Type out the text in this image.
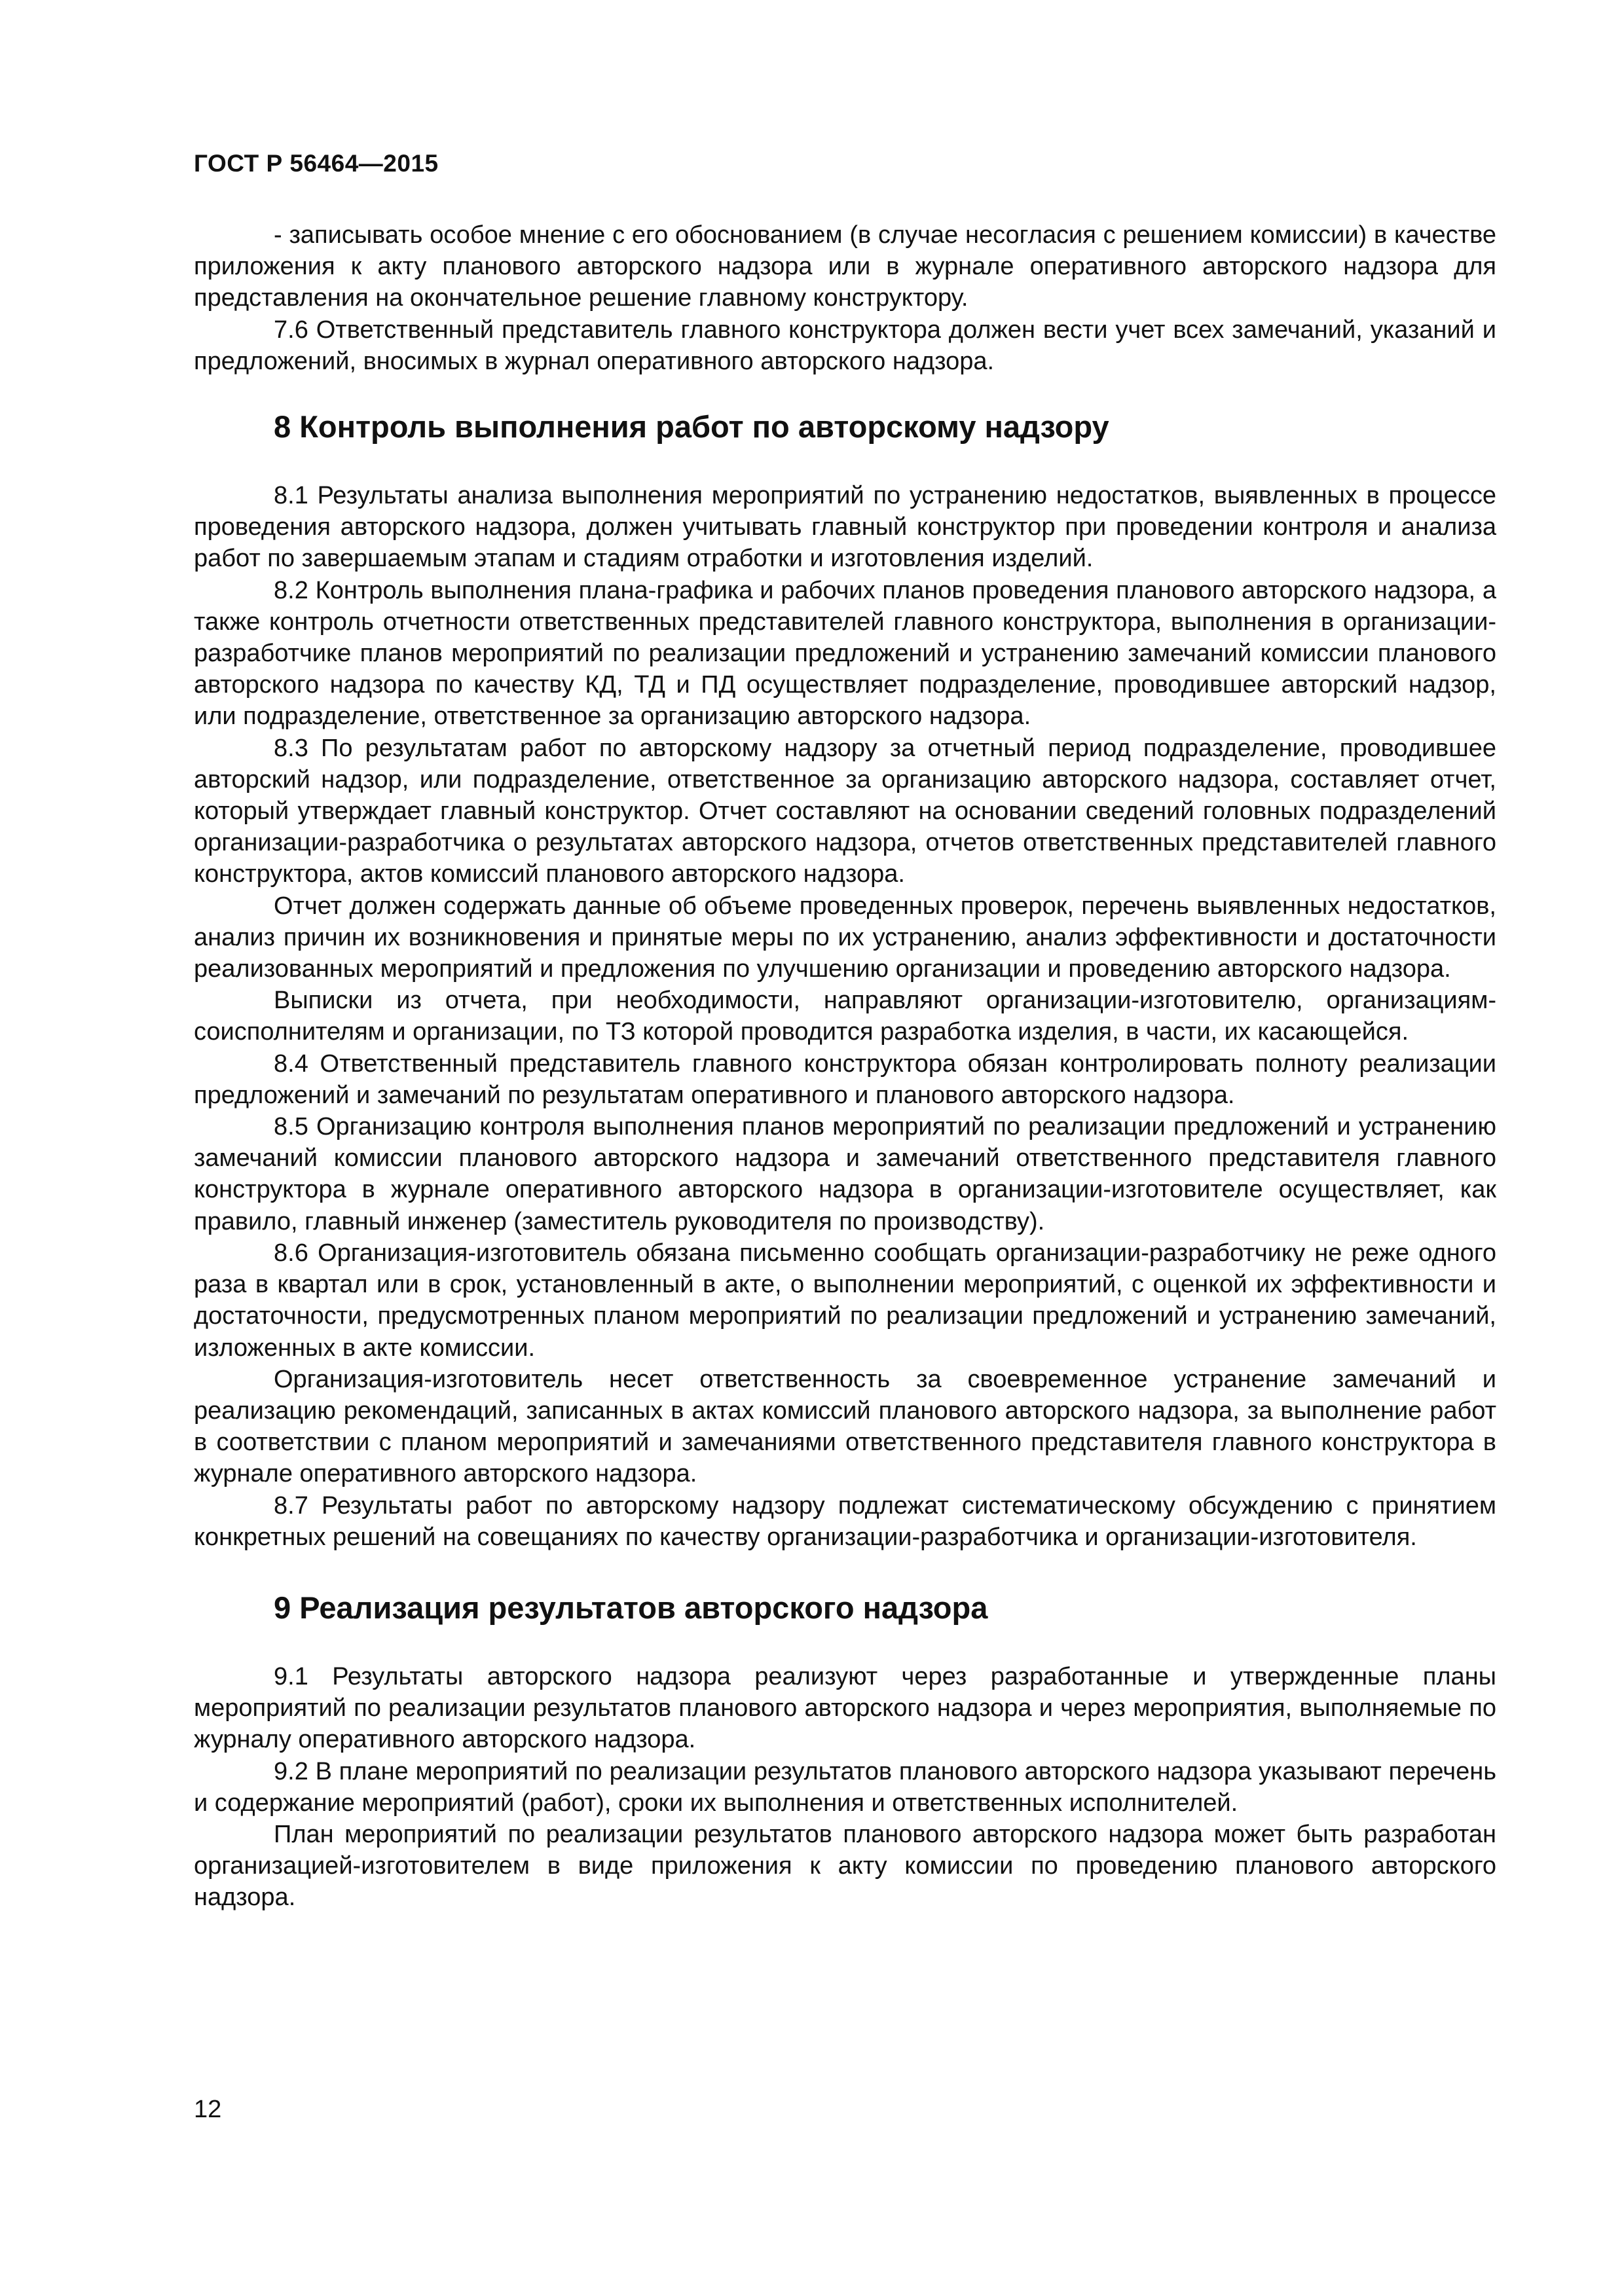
ГОСТ Р 56464—2015

- записывать особое мнение с его обоснованием (в случае несогласия с решением комиссии) в качестве приложения к акту планового авторского надзора или в журнале оперативного авторского надзора для представления на окончательное решение главному конструктору.

7.6 Ответственный представитель главного конструктора должен вести учет всех замечаний, указаний и предложений, вносимых в журнал оперативного авторского надзора.

8 Контроль выполнения работ по авторскому надзору

8.1 Результаты анализа выполнения мероприятий по устранению недостатков, выявленных в процессе проведения авторского надзора, должен учитывать главный конструктор при проведении контроля и анализа работ по завершаемым этапам и стадиям отработки и изготовления изделий.

8.2 Контроль выполнения плана-графика и рабочих планов проведения планового авторского надзора, а также контроль отчетности ответственных представителей главного конструктора, выполнения в организации-разработчике планов мероприятий по реализации предложений и устранению замечаний комиссии планового авторского надзора по качеству КД, ТД и ПД осуществляет подразделение, проводившее авторский надзор, или подразделение, ответственное за организацию авторского надзора.

8.3 По результатам работ по авторскому надзору за отчетный период подразделение, проводившее авторский надзор, или подразделение, ответственное за организацию авторского надзора, составляет отчет, который утверждает главный конструктор. Отчет составляют на основании сведений головных подразделений организации-разработчика о результатах авторского надзора, отчетов ответственных представителей главного конструктора, актов комиссий планового авторского надзора.

Отчет должен содержать данные об объеме проведенных проверок, перечень выявленных недостатков, анализ причин их возникновения и принятые меры по их устранению, анализ эффективности и достаточности реализованных мероприятий и предложения по улучшению организации и проведению авторского надзора.

Выписки из отчета, при необходимости, направляют организации-изготовителю, организациям-соисполнителям и организации, по ТЗ которой проводится разработка изделия, в части, их касающейся.

8.4 Ответственный представитель главного конструктора обязан контролировать полноту реализации предложений и замечаний по результатам оперативного и планового авторского надзора.

8.5 Организацию контроля выполнения планов мероприятий по реализации предложений и устранению замечаний комиссии планового авторского надзора и замечаний ответственного представителя главного конструктора в журнале оперативного авторского надзора в организации-изготовителе осуществляет, как правило, главный инженер (заместитель руководителя по производству).

8.6 Организация-изготовитель обязана письменно сообщать организации-разработчику не реже одного раза в квартал или в срок, установленный в акте, о выполнении мероприятий, с оценкой их эффективности и достаточности, предусмотренных планом мероприятий по реализации предложений и устранению замечаний, изложенных в акте комиссии.

Организация-изготовитель несет ответственность за своевременное устранение замечаний и реализацию рекомендаций, записанных в актах комиссий планового авторского надзора, за выполнение работ в соответствии с планом мероприятий и замечаниями ответственного представителя главного конструктора в журнале оперативного авторского надзора.

8.7 Результаты работ по авторскому надзору подлежат систематическому обсуждению с принятием конкретных решений на совещаниях по качеству организации-разработчика и организации-изготовителя.

9 Реализация результатов авторского надзора

9.1 Результаты авторского надзора реализуют через разработанные и утвержденные планы мероприятий по реализации результатов планового авторского надзора и через мероприятия, выполняемые по журналу оперативного авторского надзора.

9.2 В плане мероприятий по реализации результатов планового авторского надзора указывают перечень и содержание мероприятий (работ), сроки их выполнения и ответственных исполнителей.

План мероприятий по реализации результатов планового авторского надзора может быть разработан организацией-изготовителем в виде приложения к акту комиссии по проведению планового авторского надзора.

12
